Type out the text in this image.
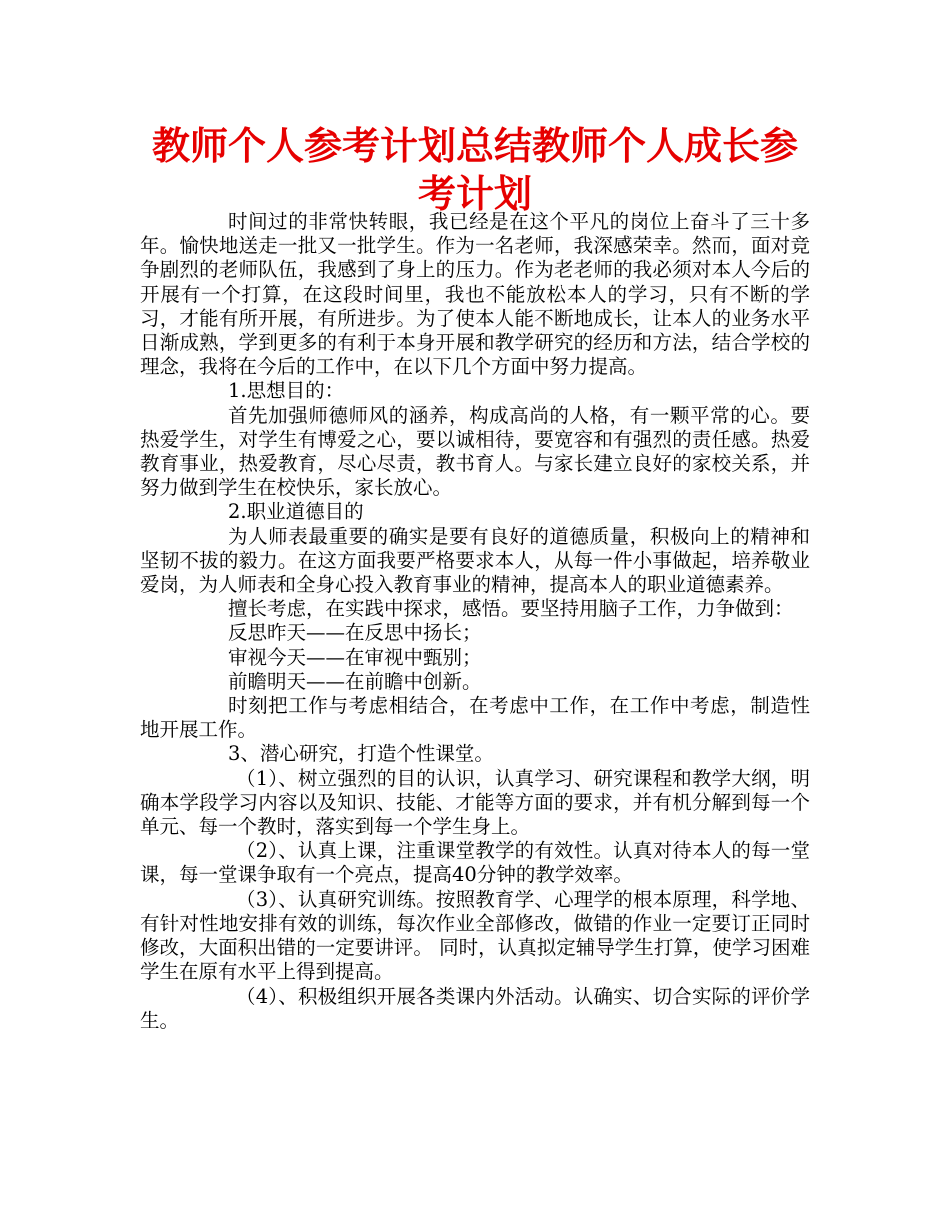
教师个人参考计划总结教师个人成长参考计划

时间过的非常快转眼，我已经是在这个平凡的岗位上奋斗了三十多年。愉快地送走一批又一批学生。作为一名老师，我深感荣幸。然而，面对竞争剧烈的老师队伍，我感到了身上的压力。作为老老师的我必须对本人今后的开展有一个打算，在这段时间里，我也不能放松本人的学习，只有不断的学习，才能有所开展，有所进步。为了使本人能不断地成长，让本人的业务水平日渐成熟，学到更多的有利于本身开展和教学研究的经历和方法，结合学校的理念，我将在今后的工作中，在以下几个方面中努力提高。

1.思想目的：

首先加强师德师风的涵养，构成高尚的人格，有一颗平常的心。要热爱学生，对学生有博爱之心，要以诚相待，要宽容和有强烈的责任感。热爱教育事业，热爱教育，尽心尽责，教书育人。与家长建立良好的家校关系，并努力做到学生在校快乐，家长放心。

2.职业道德目的

为人师表最重要的确实是要有良好的道德质量，积极向上的精神和坚韧不拔的毅力。在这方面我要严格要求本人，从每一件小事做起，培养敬业爱岗，为人师表和全身心投入教育事业的精神，提高本人的职业道德素养。

擅长考虑，在实践中探求，感悟。要坚持用脑子工作，力争做到：

反思昨天——在反思中扬长；

审视今天——在审视中甄别；

前瞻明天——在前瞻中创新。

时刻把工作与考虑相结合，在考虑中工作，在工作中考虑，制造性地开展工作。

3、潜心研究，打造个性课堂。

（1）、树立强烈的目的认识，认真学习、研究课程和教学大纲，明确本学段学习内容以及知识、技能、才能等方面的要求，并有机分解到每一个单元、每一个教时，落实到每一个学生身上。

（2）、认真上课，注重课堂教学的有效性。认真对待本人的每一堂课，每一堂课争取有一个亮点，提高40分钟的教学效率。

（3）、认真研究训练。按照教育学、心理学的根本原理，科学地、有针对性地安排有效的训练，每次作业全部修改，做错的作业一定要订正同时修改，大面积出错的一定要讲评。 同时，认真拟定辅导学生打算，使学习困难学生在原有水平上得到提高。

（4）、积极组织开展各类课内外活动。认确实、切合实际的评价学生。
